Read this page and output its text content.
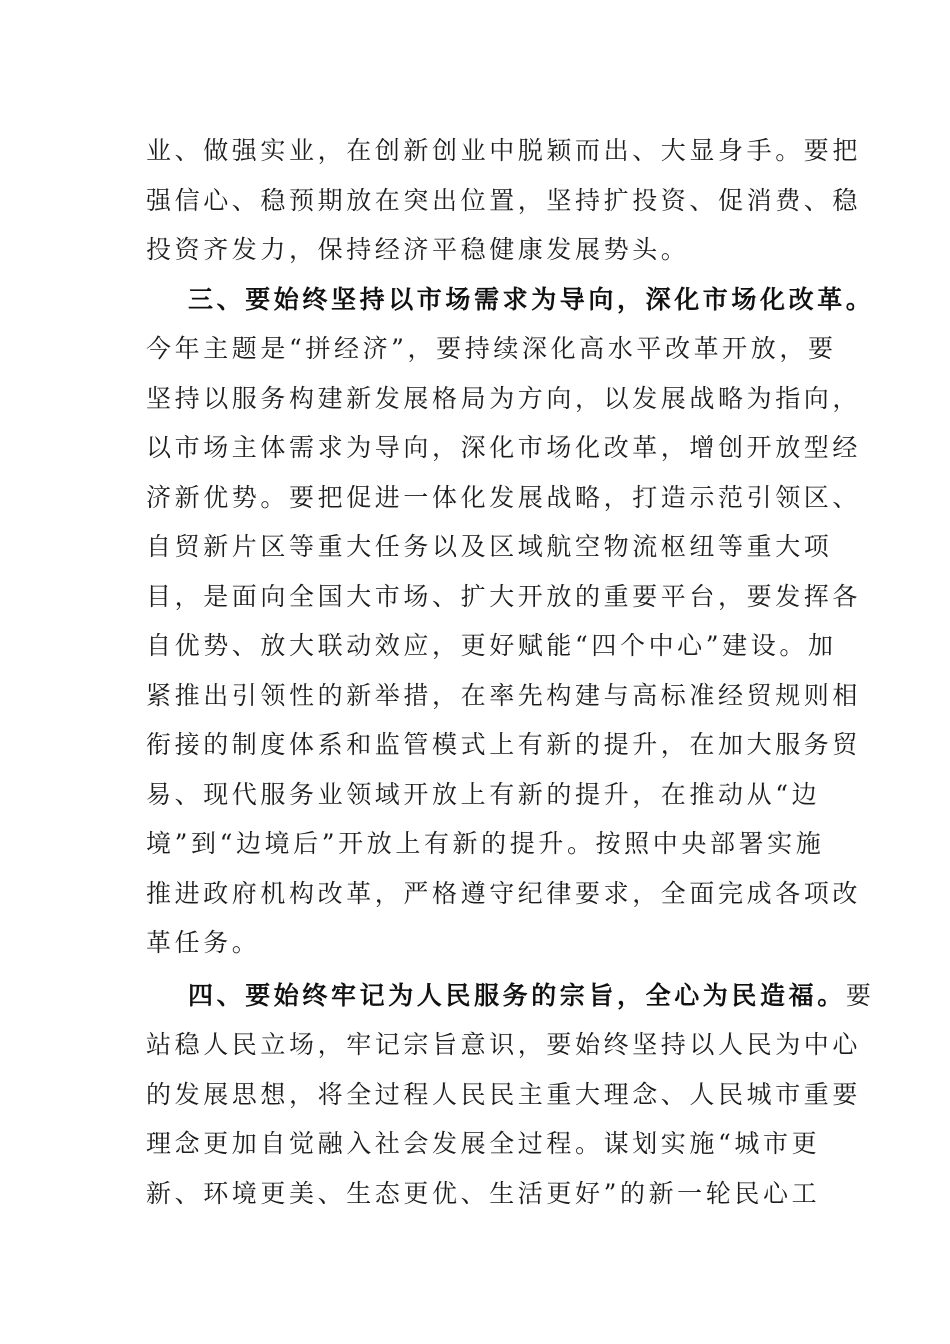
业、做强实业，在创新创业中脱颖而出、大显身手。要把
强信心、稳预期放在突出位置，坚持扩投资、促消费、稳
投资齐发力，保持经济平稳健康发展势头。
三、要始终坚持以市场需求为导向，深化市场化改革。
今年主题是“拼经济”，要持续深化高水平改革开放，要
坚持以服务构建新发展格局为方向，以发展战略为指向，
以市场主体需求为导向，深化市场化改革，增创开放型经
济新优势。要把促进一体化发展战略，打造示范引领区、
自贸新片区等重大任务以及区域航空物流枢纽等重大项
目，是面向全国大市场、扩大开放的重要平台，要发挥各
自优势、放大联动效应，更好赋能“四个中心”建设。加
紧推出引领性的新举措，在率先构建与高标准经贸规则相
衔接的制度体系和监管模式上有新的提升，在加大服务贸
易、现代服务业领域开放上有新的提升，在推动从“边
境”到“边境后”开放上有新的提升。按照中央部署实施
推进政府机构改革，严格遵守纪律要求，全面完成各项改
革任务。
四、要始终牢记为人民服务的宗旨，全心为民造福。要
站稳人民立场，牢记宗旨意识，要始终坚持以人民为中心
的发展思想，将全过程人民民主重大理念、人民城市重要
理念更加自觉融入社会发展全过程。谋划实施“城市更
新、环境更美、生态更优、生活更好”的新一轮民心工
